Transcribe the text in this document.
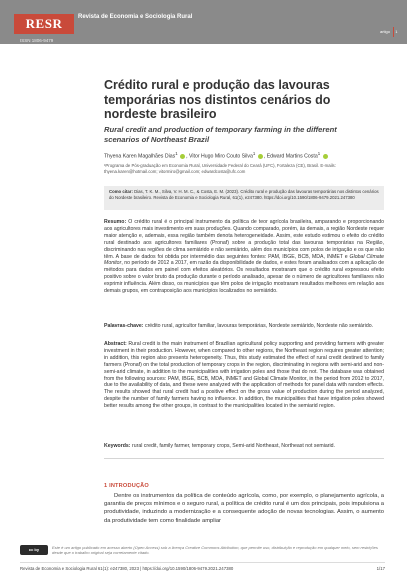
RESR	Revista de Economia e Sociologia Rural
ISSN 1806-9479
artigo 1
Crédito rural e produção das lavouras temporárias nos distintos cenários do nordeste brasileiro
Rural credit and production of temporary farming in the different scenarios of Northeast Brazil
Thyena Karen Magalhães Dias$^1$ , Vitor Hugo Miro Couto Silva$^1$ , Edward Martins Costa$^1$
¹Programa de Pós-graduação em Economia Rural, Universidade Federal do Ceará (UFC), Fortaleza (CE), Brasil. E-mails: thyena.karen@hotmail.com; vitormiro@gmail.com; edwardcosta@ufc.com
Como citar: Dias, T. K. M., Silva, V. H. M. C., & Costa, E. M. (2023). Crédito rural e produção das lavouras temporárias nos distintos cenários do Nordeste brasileiro. Revista de Economia e Sociologia Rural, 61(1), e247380. https://doi.org/10.1590/1806-9479.2021.247380

Resumo: O crédito rural é o principal instrumento da política de teor agrícola brasileira, amparando e proporcionando aos agricultores mais investimento em suas produções. Quando comparado, porém, às demais, a região Nordeste requer maior atenção e, ademais, essa região também denota heterogeneidade. Assim, este estudo estimou o efeito do crédito rural destinado aos agricultores familiares (Pronaf) sobre a produção total das lavouras temporárias na Região, discriminando nas regiões de clima semiárido e não semiárido, além dos municípios com polos de irrigação e os que não têm. A base de dados foi obtida por intermédio das seguintes fontes: PAM, IBGE, BCB, MDA, INMET e Global Climate Monitor, no período de 2012 a 2017, em razão da disponibilidade de dados, e estes foram analisados com a aplicação de métodos para dados em painel com efeitos aleatórios. Os resultados mostraram que o crédito rural expressou efeito positivo sobre o valor bruto da produção durante o período analisado, apesar de o número de agricultores familiares não exprimir influência. Além disso, os municípios que têm polos de irrigação mostraram resultados melhores em relação aos demais grupos, em contraposição aos municípios localizados no semiárido.

Palavras-chave: crédito rural, agricultor familiar, lavouras temporárias, Nordeste semiárido, Nordeste não semiárido.

Abstract: Rural credit is the main instrument of Brazilian agricultural policy supporting and providing farmers with greater investment in their production. However, when compared to other regions, the Northeast region requires greater attention; in addition, this region also presents heterogeneity. Thus, this study estimated the effect of rural credit destined to family farmers (Pronaf) on the total production of temporary crops in the region, discriminating in regions with semi-arid and non-semi-arid climate, in addition to the municipalities with irrigation poles and those that do not. The database was obtained from the following sources: PAM, IBGE, BCB, MDA, INMET and Global Climate Monitor, in the period from 2012 to 2017, due to the availability of data, and these were analyzed with the application of methods for panel data with random effects. The results showed that rural credit had a positive effect on the gross value of production during the period analyzed, despite the number of family farmers having no influence. In addition, the municipalities that have irrigation poles showed better results among the other groups, in contrast to the municipalities located in the semiarid region.

Keywords: rural credit, family farmer, temporary crops, Semi-arid Northeast, Northeast not semiarid.

1 INTRODUÇÃO

Dentre os instrumentos da política de conteúdo agrícola, como, por exemplo, o planejamento agrícola, a garantia de preços mínimos e o seguro rural, a política de crédito rural é um dos principais, pois impulsiona a produtividade, induzindo a modernização e a consequente adoção de novas tecnologias. Assim, o aumento da produtividade tem como finalidade ampliar

cc by	Este é um artigo publicado em acesso aberto (Open Access) sob a licença Creative Commons Attribution, que permite uso, distribuição e reprodução em qualquer meio, sem restrições desde que o trabalho original seja corretamente citado.
Revista de Economia e Sociologia Rural 61(1): e247380, 2023 | https://doi.org/10.1590/1806-9479.2021.247380	1/17
